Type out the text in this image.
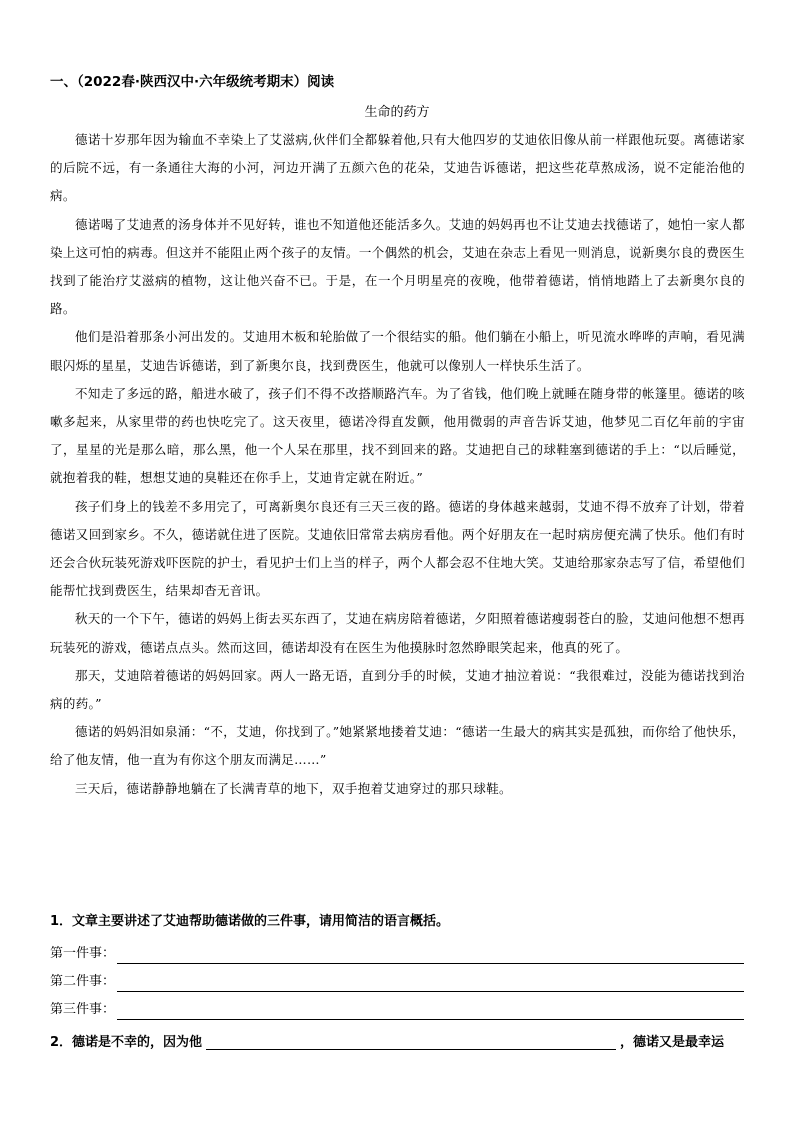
一、（2022春·陕西汉中·六年级统考期末）阅读
生命的药方

德诺十岁那年因为输血不幸染上了艾滋病,伙伴们全都躲着他,只有大他四岁的艾迪依旧像从前一样跟他玩耍。离德诺家的后院不远，有一条通往大海的小河，河边开满了五颜六色的花朵，艾迪告诉德诺，把这些花草熬成汤，说不定能治他的病。

德诺喝了艾迪煮的汤身体并不见好转，谁也不知道他还能活多久。艾迪的妈妈再也不让艾迪去找德诺了，她怕一家人都染上这可怕的病毒。但这并不能阻止两个孩子的友情。一个偶然的机会，艾迪在杂志上看见一则消息，说新奥尔良的费医生找到了能治疗艾滋病的植物，这让他兴奋不已。于是，在一个月明星亮的夜晚，他带着德诺，悄悄地踏上了去新奥尔良的路。

他们是沿着那条小河出发的。艾迪用木板和轮胎做了一个很结实的船。他们躺在小船上，听见流水哗哗的声响，看见满眼闪烁的星星，艾迪告诉德诺，到了新奥尔良，找到费医生，他就可以像别人一样快乐生活了。

不知走了多远的路，船进水破了，孩子们不得不改搭顺路汽车。为了省钱，他们晚上就睡在随身带的帐篷里。德诺的咳嗽多起来，从家里带的药也快吃完了。这天夜里，德诺冷得直发颤，他用微弱的声音告诉艾迪，他梦见二百亿年前的宇宙了，星星的光是那么暗，那么黑，他一个人呆在那里，找不到回来的路。艾迪把自己的球鞋塞到德诺的手上：“以后睡觉，就抱着我的鞋，想想艾迪的臭鞋还在你手上，艾迪肯定就在附近。”

孩子们身上的钱差不多用完了，可离新奥尔良还有三天三夜的路。德诺的身体越来越弱，艾迪不得不放弃了计划，带着德诺又回到家乡。不久，德诺就住进了医院。艾迪依旧常常去病房看他。两个好朋友在一起时病房便充满了快乐。他们有时还会合伙玩装死游戏吓医院的护士，看见护士们上当的样子，两个人都会忍不住地大笑。艾迪给那家杂志写了信，希望他们能帮忙找到费医生，结果却杳无音讯。

秋天的一个下午，德诺的妈妈上街去买东西了，艾迪在病房陪着德诺，夕阳照着德诺瘦弱苍白的脸，艾迪问他想不想再玩装死的游戏，德诺点点头。然而这回，德诺却没有在医生为他摸脉时忽然睁眼笑起来，他真的死了。

那天，艾迪陪着德诺的妈妈回家。两人一路无语，直到分手的时候，艾迪才抽泣着说：“我很难过，没能为德诺找到治病的药。”

德诺的妈妈泪如泉涌：“不，艾迪，你找到了。”她紧紧地搂着艾迪：“德诺一生最大的病其实是孤独，而你给了他快乐，给了他友情，他一直为有你这个朋友而满足……”

三天后，德诺静静地躺在了长满青草的地下，双手抱着艾迪穿过的那只球鞋。

1．文章主要讲述了艾迪帮助德诺做的三件事，请用简洁的语言概括。
第一件事：
第二件事：
第三件事：
2．德诺是不幸的，因为他	，德诺又是最幸运
